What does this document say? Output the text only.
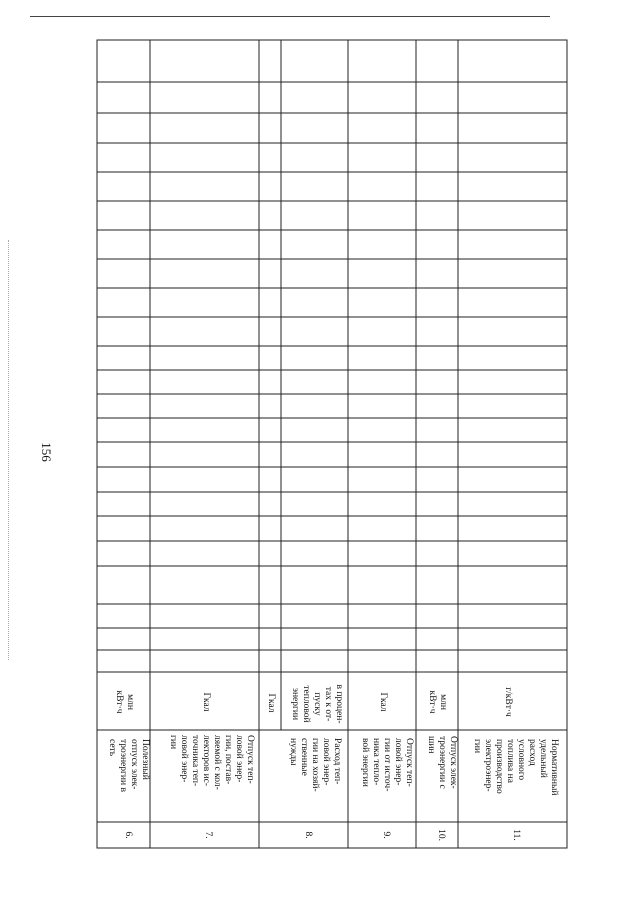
156
6.
Полезный
отпуск элек-
троэнергии в
сеть
млн
кВт·ч
7.
Отпуск теп-
ловой энер-
гии, постав-
ляемой с кол-
лекторов ис-
точника теп-
ловой энер-
гии
Гкал
8.
Расход теп-
ловой энер-
гии на хозяй-
ственные
нужды
Гкал
в процен-
тах к от-
пуску
тепловой
энергии
9.
Отпуск теп-
ловой энер-
гии от источ-
ника тепло-
вой энергии
Гкал
10.
Отпуск элек-
троэнергии с
шин
млн
кВт·ч
11.
Нормативный
удельный
расход
условного
топлива на
производство
электроэнер-
гии
г/кВт·ч
